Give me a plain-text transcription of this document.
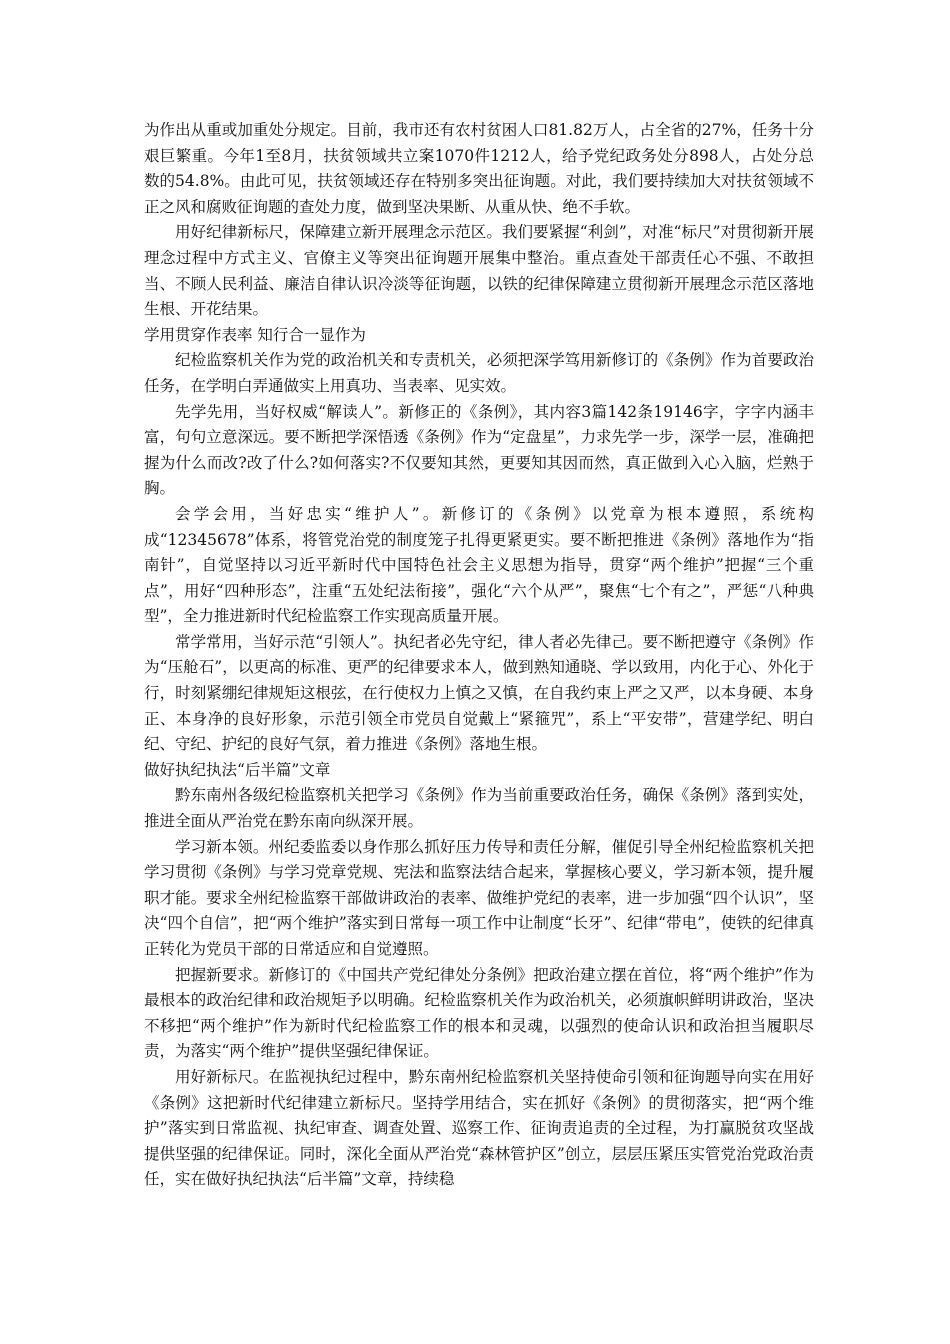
为作出从重或加重处分规定。目前，我市还有农村贫困人口81.82万人，占全省的27%，任务十分艰巨繁重。今年1至8月，扶贫领域共立案1070件1212人，给予党纪政务处分898人，占处分总数的54.8%。由此可见，扶贫领域还存在特别多突出征询题。对此，我们要持续加大对扶贫领域不正之风和腐败征询题的查处力度，做到坚决果断、从重从快、绝不手软。

用好纪律新标尺，保障建立新开展理念示范区。我们要紧握“利剑”，对准“标尺”对贯彻新开展理念过程中方式主义、官僚主义等突出征询题开展集中整治。重点查处干部责任心不强、不敢担当、不顾人民利益、廉洁自律认识冷淡等征询题，以铁的纪律保障建立贯彻新开展理念示范区落地生根、开花结果。

学用贯穿作表率 知行合一显作为

纪检监察机关作为党的政治机关和专责机关，必须把深学笃用新修订的《条例》作为首要政治任务，在学明白弄通做实上用真功、当表率、见实效。

先学先用，当好权威“解读人”。新修正的《条例》，其内容3篇142条19146字，字字内涵丰富，句句立意深远。要不断把学深悟透《条例》作为“定盘星”，力求先学一步，深学一层，准确把握为什么而改?改了什么?如何落实?不仅要知其然，更要知其因而然，真正做到入心入脑，烂熟于胸。

会学会用，当好忠实“维护人”。新修订的《条例》以党章为根本遵照，系统构成“12345678”体系，将管党治党的制度笼子扎得更紧更实。要不断把推进《条例》落地作为“指南针”，自觉坚持以习近平新时代中国特色社会主义思想为指导，贯穿“两个维护”把握“三个重点”，用好“四种形态”，注重“五处纪法衔接”，强化“六个从严”，聚焦“七个有之”，严惩“八种典型”，全力推进新时代纪检监察工作实现高质量开展。

常学常用，当好示范“引领人”。执纪者必先守纪，律人者必先律己。要不断把遵守《条例》作为“压舱石”，以更高的标准、更严的纪律要求本人，做到熟知通晓、学以致用，内化于心、外化于行，时刻紧绷纪律规矩这根弦，在行使权力上慎之又慎，在自我约束上严之又严，以本身硬、本身正、本身净的良好形象，示范引领全市党员自觉戴上“紧箍咒”，系上“平安带”，营建学纪、明白纪、守纪、护纪的良好气氛，着力推进《条例》落地生根。

做好执纪执法“后半篇”文章

黔东南州各级纪检监察机关把学习《条例》作为当前重要政治任务，确保《条例》落到实处，推进全面从严治党在黔东南向纵深开展。

学习新本领。州纪委监委以身作那么抓好压力传导和责任分解，催促引导全州纪检监察机关把学习贯彻《条例》与学习党章党规、宪法和监察法结合起来，掌握核心要义，学习新本领，提升履职才能。要求全州纪检监察干部做讲政治的表率、做维护党纪的表率，进一步加强“四个认识”，坚决“四个自信”，把“两个维护”落实到日常每一项工作中让制度“长牙”、纪律“带电”，使铁的纪律真正转化为党员干部的日常适应和自觉遵照。

把握新要求。新修订的《中国共产党纪律处分条例》把政治建立摆在首位，将“两个维护”作为最根本的政治纪律和政治规矩予以明确。纪检监察机关作为政治机关，必须旗帜鲜明讲政治，坚决不移把“两个维护”作为新时代纪检监察工作的根本和灵魂，以强烈的使命认识和政治担当履职尽责，为落实“两个维护”提供坚强纪律保证。

用好新标尺。在监视执纪过程中，黔东南州纪检监察机关坚持使命引领和征询题导向实在用好《条例》这把新时代纪律建立新标尺。坚持学用结合，实在抓好《条例》的贯彻落实，把“两个维护”落实到日常监视、执纪审查、调查处置、巡察工作、征询责追责的全过程，为打赢脱贫攻坚战提供坚强的纪律保证。同时，深化全面从严治党“森林管护区”创立，层层压紧压实管党治党政治责任，实在做好执纪执法“后半篇”文章，持续稳
